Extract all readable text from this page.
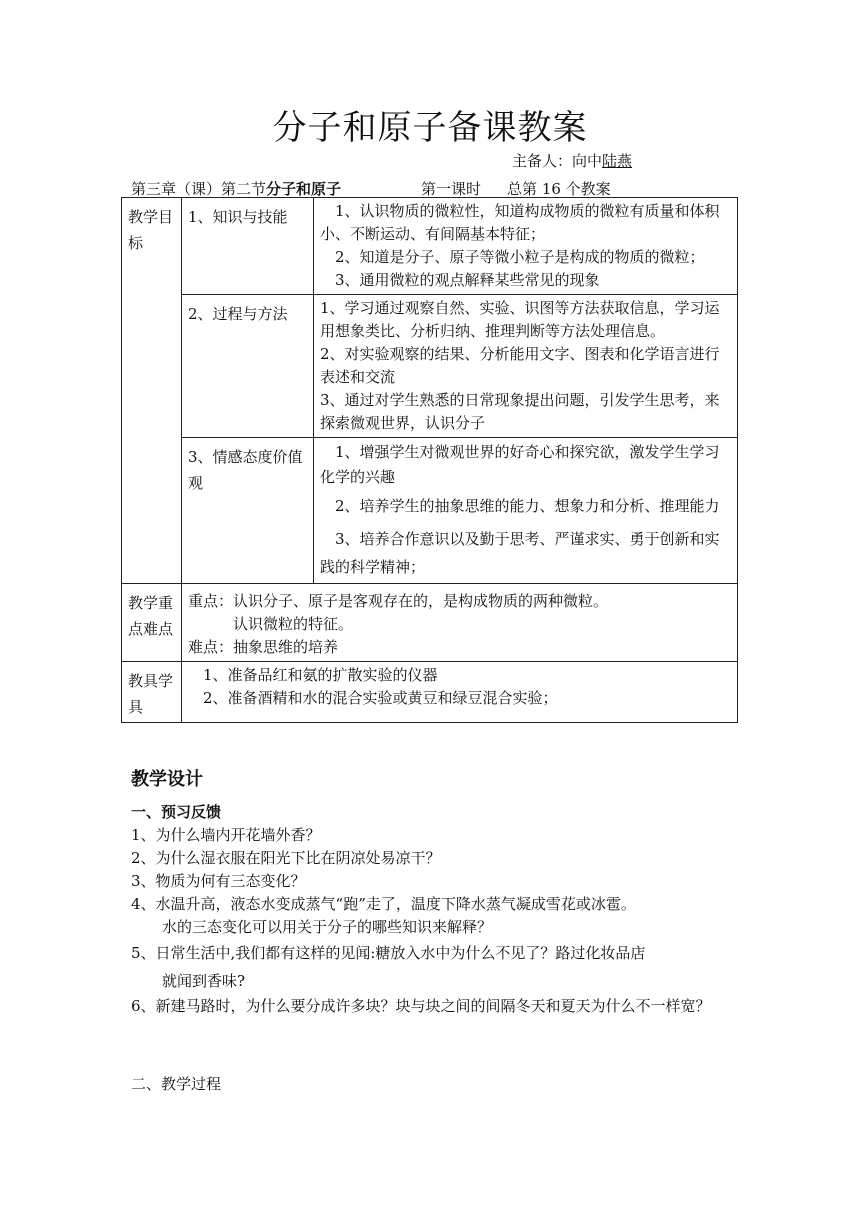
分子和原子备课教案
主备人：向中陆燕
第三章（课）第二节分子和原子	第一课时 总第 16 个教案
教学目标	1、知识与技能	　1、认识物质的微粒性，知道构成物质的微粒有质量和体积小、不断运动、有间隔基本特征；

　2、知道是分子、原子等微小粒子是构成的物质的微粒；

　3、通用微粒的观点解释某些常见的现象

	2、过程与方法	1、学习通过观察自然、实验、识图等方法获取信息，学习运用想象类比、分析归纳、推理判断等方法处理信息。

2、对实验观察的结果、分析能用文字、图表和化学语言进行表述和交流

3、通过对学生熟悉的日常现象提出问题，引发学生思考，来探索微观世界，认识分子

	3、情感态度价值观	　1、增强学生对微观世界的好奇心和探究欲，激发学生学习化学的兴趣

　2、培养学生的抽象思维的能力、想象力和分析、推理能力

　3、培养合作意识以及勤于思考、严谨求实、勇于创新和实践的科学精神；

教学重点难点	重点：认识分子、原子是客观存在的，是构成物质的两种微粒。

　　　认识微粒的特征。

难点：抽象思维的培养	

教具学具	　1、准备品红和氨的扩散实验的仪器

　2、准备酒精和水的混合实验或黄豆和绿豆混合实验；	

教学设计
一、预习反馈
1、为什么墙内开花墙外香？
2、为什么湿衣服在阳光下比在阴凉处易凉干？
3、物质为何有三态变化？
4、水温升高，液态水变成蒸气“跑”走了，温度下降水蒸气凝成雪花或冰雹。
水的三态变化可以用关于分子的哪些知识来解释？
5、日常生活中,我们都有这样的见闻:糖放入水中为什么不见了？路过化妆品店
就闻到香味?
6、新建马路时，为什么要分成许多块？块与块之间的间隔冬天和夏天为什么不一样宽？
二、教学过程
